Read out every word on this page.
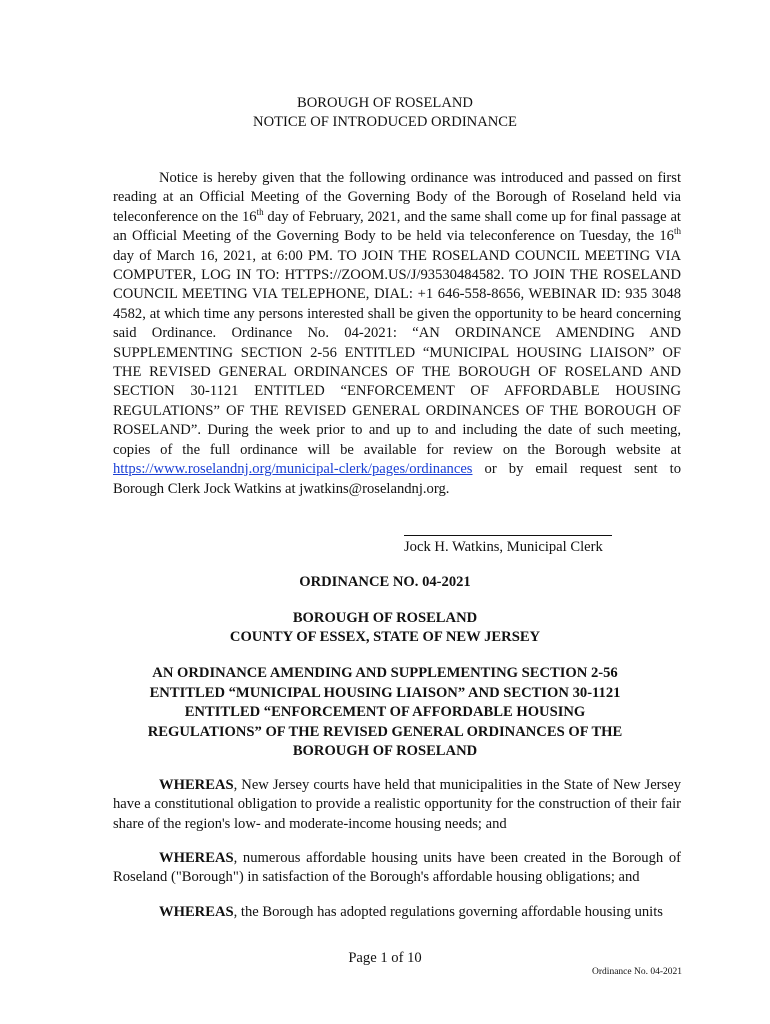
BOROUGH OF ROSELAND
NOTICE OF INTRODUCED ORDINANCE

Notice is hereby given that the following ordinance was introduced and passed on first reading at an Official Meeting of the Governing Body of the Borough of Roseland held via teleconference on the 16th day of February, 2021, and the same shall come up for final passage at an Official Meeting of the Governing Body to be held via teleconference on Tuesday, the 16th day of March 16, 2021, at 6:00 PM. TO JOIN THE ROSELAND COUNCIL MEETING VIA COMPUTER, LOG IN TO: HTTPS://ZOOM.US/J/93530484582. TO JOIN THE ROSELAND COUNCIL MEETING VIA TELEPHONE, DIAL: +1 646-558-8656, WEBINAR ID: 935 3048 4582, at which time any persons interested shall be given the opportunity to be heard concerning said Ordinance. Ordinance No. 04-2021: “AN ORDINANCE AMENDING AND SUPPLEMENTING SECTION 2-56 ENTITLED “MUNICIPAL HOUSING LIAISON” OF THE REVISED GENERAL ORDINANCES OF THE BOROUGH OF ROSELAND AND SECTION 30-1121 ENTITLED “ENFORCEMENT OF AFFORDABLE HOUSING REGULATIONS” OF THE REVISED GENERAL ORDINANCES OF THE BOROUGH OF ROSELAND”. During the week prior to and up to and including the date of such meeting, copies of the full ordinance will be available for review on the Borough website at https://www.roselandnj.org/municipal-clerk/pages/ordinances or by email request sent to Borough Clerk Jock Watkins at jwatkins@roselandnj.org.

Jock H. Watkins, Municipal Clerk
ORDINANCE NO. 04-2021
BOROUGH OF ROSELAND
COUNTY OF ESSEX, STATE OF NEW JERSEY
AN ORDINANCE AMENDING AND SUPPLEMENTING SECTION 2-56
ENTITLED “MUNICIPAL HOUSING LIAISON” AND SECTION 30-1121
ENTITLED “ENFORCEMENT OF AFFORDABLE HOUSING
REGULATIONS” OF THE REVISED GENERAL ORDINANCES OF THE
BOROUGH OF ROSELAND

WHEREAS, New Jersey courts have held that municipalities in the State of New Jersey have a constitutional obligation to provide a realistic opportunity for the construction of their fair share of the region's low- and moderate-income housing needs; and

WHEREAS, numerous affordable housing units have been created in the Borough of Roseland ("Borough") in satisfaction of the Borough's affordable housing obligations; and

WHEREAS, the Borough has adopted regulations governing affordable housing units

Page 1 of 10
Ordinance No. 04-2021
